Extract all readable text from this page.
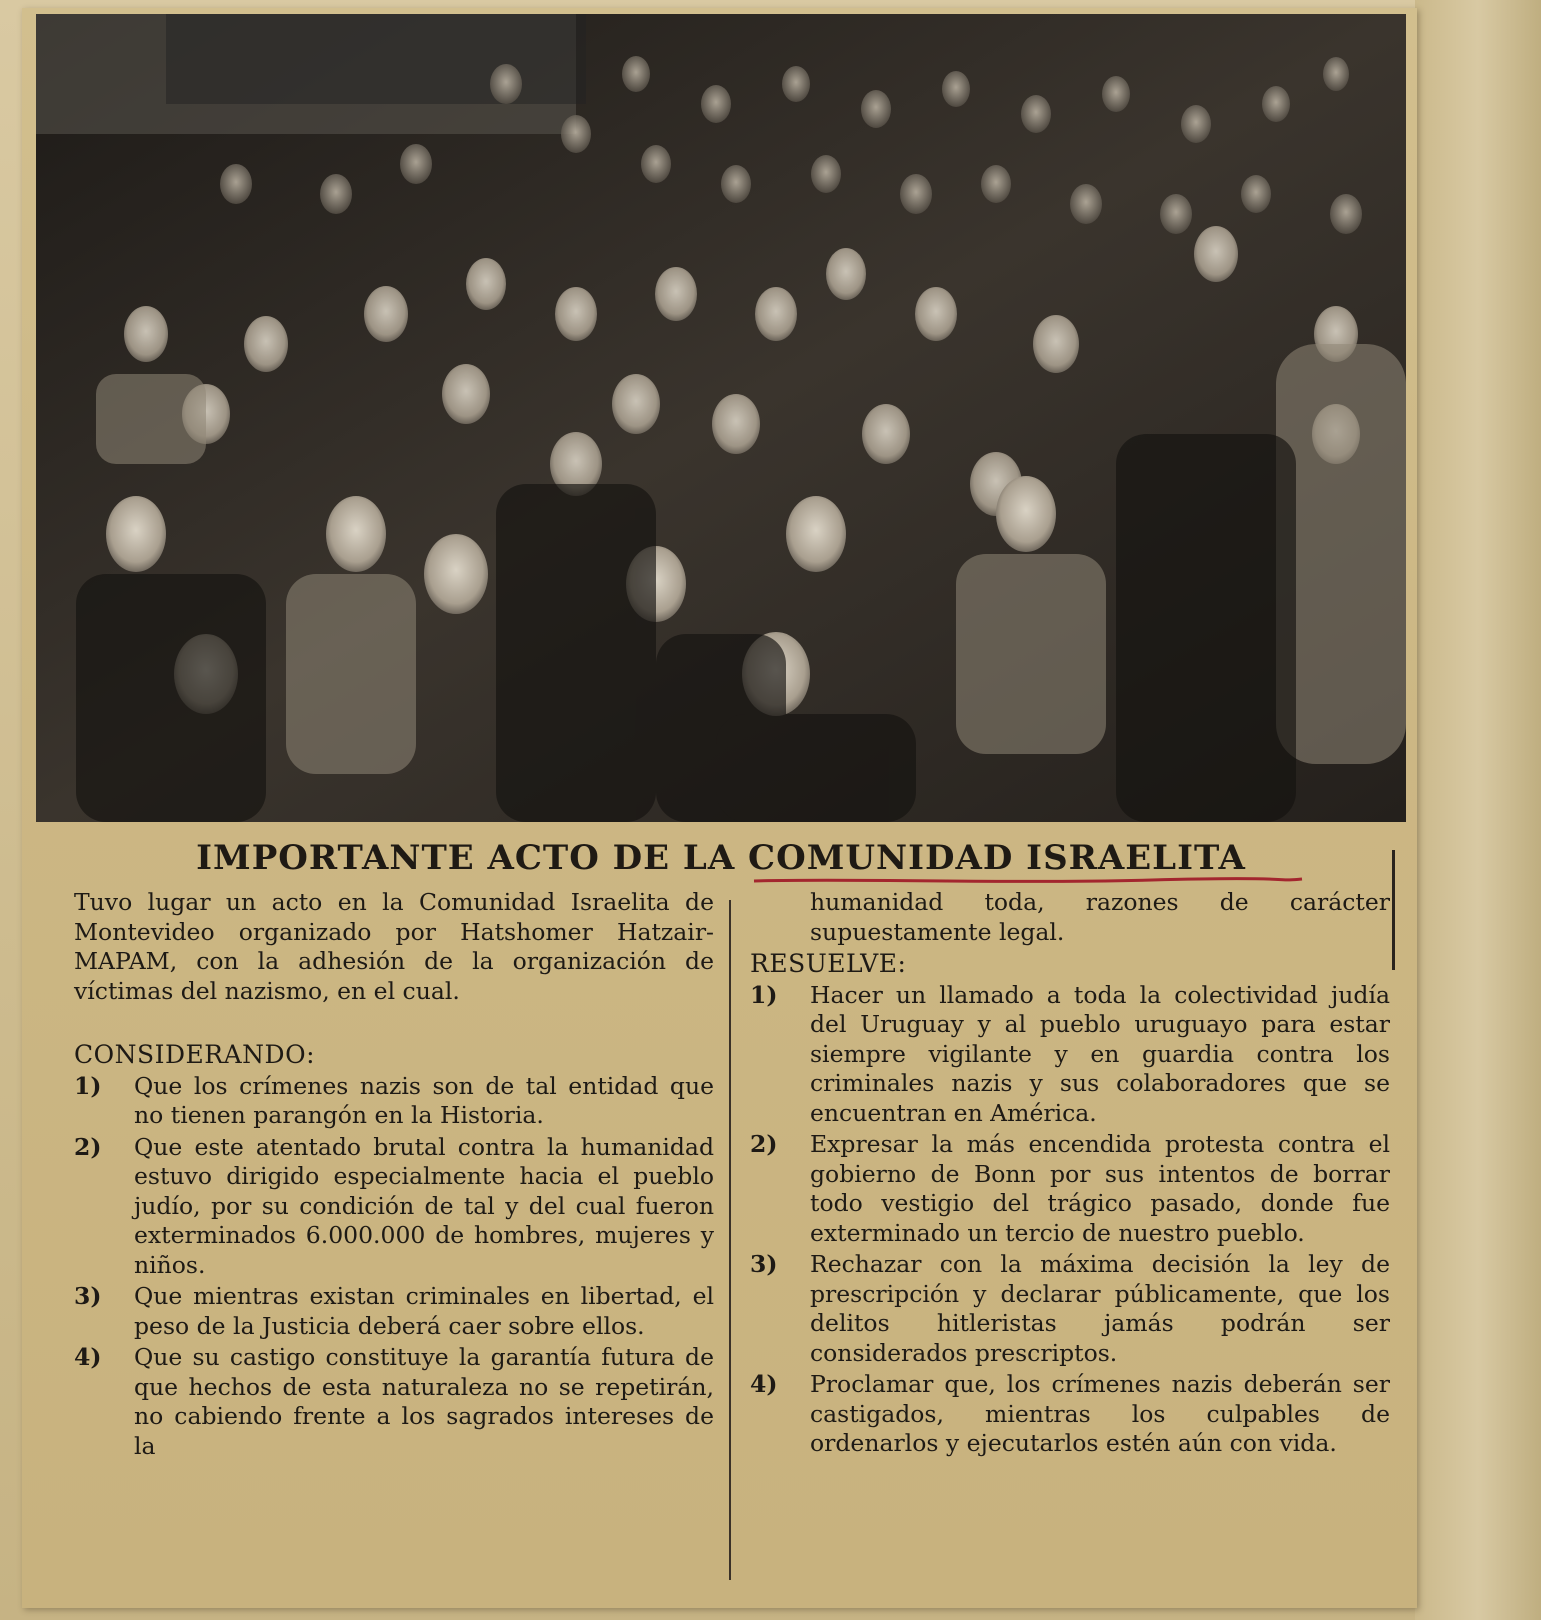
IMPORTANTE ACTO DE LA COMUNIDAD ISRAELITA

Tuvo lugar un acto en la Comunidad Israelita de Montevideo organizado por Hatshomer Hatzair-MAPAM, con la adhesión de la organización de víctimas del nazismo, en el cual.

CONSIDERANDO:
1)	Que los crímenes nazis son de tal entidad que no tienen parangón en la Historia.
2)	Que este atentado brutal contra la humanidad estuvo dirigido especialmente hacia el pueblo judío, por su condición de tal y del cual fueron exterminados 6.000.000 de hombres, mujeres y niños.
3)	Que mientras existan criminales en libertad, el peso de la Justicia deberá caer sobre ellos.
4)	Que su castigo constituye la garantía futura de que hechos de esta naturaleza no se repetirán, no cabiendo frente a los sagrados intereses de la

humanidad toda, razones de carácter supuestamente legal.

RESUELVE:
1)	Hacer un llamado a toda la colectividad judía del Uruguay y al pueblo uruguayo para estar siempre vigilante y en guardia contra los criminales nazis y sus colaboradores que se encuentran en América.
2)	Expresar la más encendida protesta contra el gobierno de Bonn por sus intentos de borrar todo vestigio del trágico pasado, donde fue exterminado un tercio de nuestro pueblo.
3)	Rechazar con la máxima decisión la ley de prescripción y declarar públicamente, que los delitos hitleristas jamás podrán ser considerados prescriptos.
4)	Proclamar que, los crímenes nazis deberán ser castigados, mientras los culpables de ordenarlos y ejecutarlos estén aún con vida.
